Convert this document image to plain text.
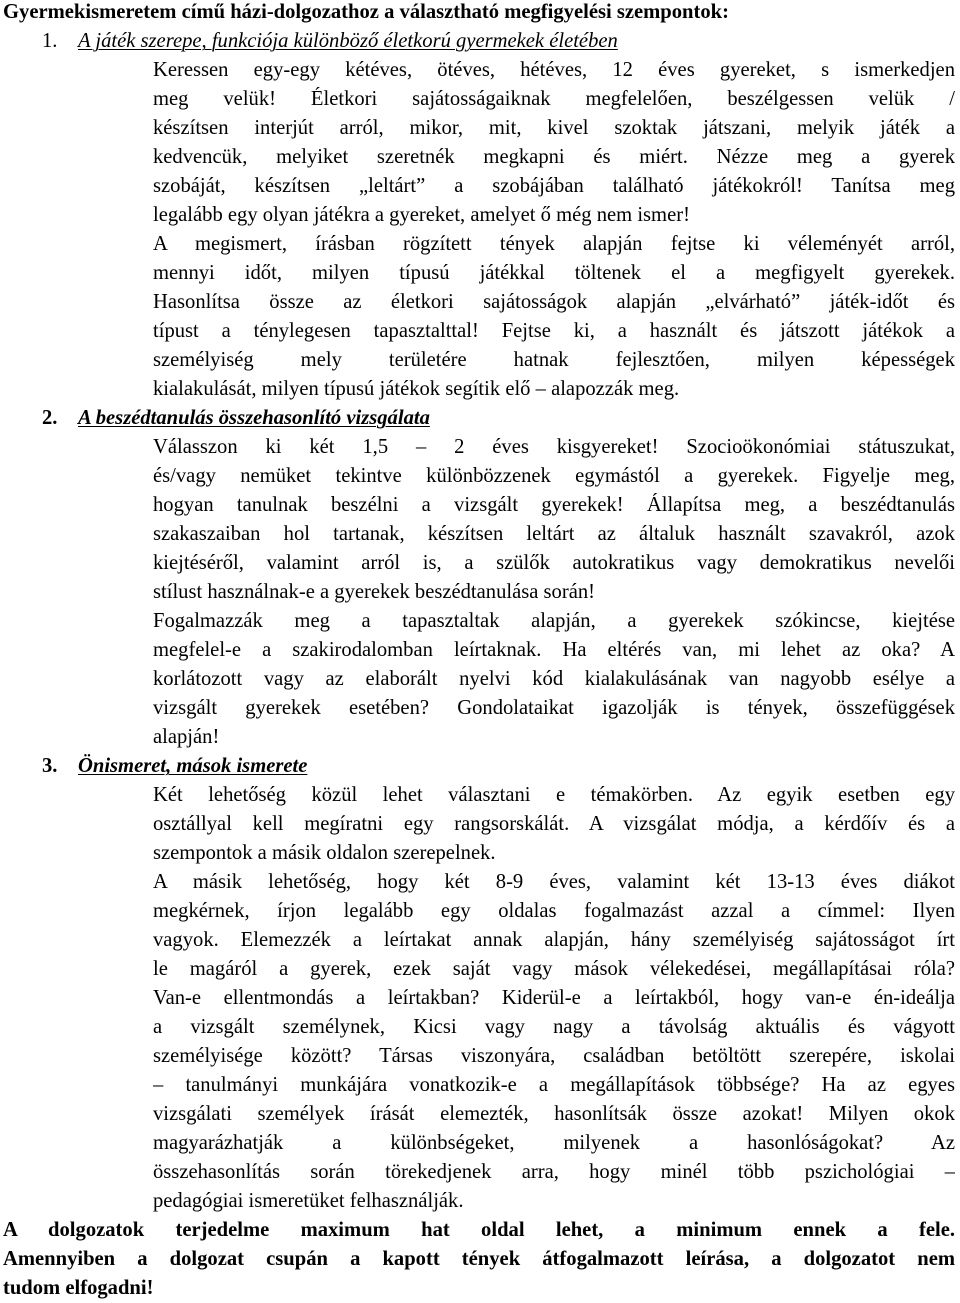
Gyermekismeretem című házi-dolgozathoz a választható megfigyelési szempontok:
1. A játék szerepe, funkciója különböző életkorú gyermekek életében

Keressen egy-egy kétéves, ötéves, hétéves, 12 éves gyereket, s ismerkedjen

meg velük! Életkori sajátosságaiknak megfelelően, beszélgessen velük /

készítsen interjút arról, mikor, mit, kivel szoktak játszani, melyik játék a

kedvencük, melyiket szeretnék megkapni és miért. Nézze meg a gyerek

szobáját, készítsen „leltárt” a szobájában található játékokról! Tanítsa meg

legalább egy olyan játékra a gyereket, amelyet ő még nem ismer!

A megismert, írásban rögzített tények alapján fejtse ki véleményét arról,

mennyi időt, milyen típusú játékkal töltenek el a megfigyelt gyerekek.

Hasonlítsa össze az életkori sajátosságok alapján „elvárható” játék-időt és

típust a ténylegesen tapasztalttal! Fejtse ki, a használt és játszott játékok a

személyiség mely területére hatnak fejlesztően, milyen képességek

kialakulását, milyen típusú játékok segítik elő – alapozzák meg.

2. A beszédtanulás összehasonlító vizsgálata

Válasszon ki két 1,5 – 2 éves kisgyereket! Szocioökonómiai státuszukat,

és/vagy nemüket tekintve különbözzenek egymástól a gyerekek. Figyelje meg,

hogyan tanulnak beszélni a vizsgált gyerekek! Állapítsa meg, a beszédtanulás

szakaszaiban hol tartanak, készítsen leltárt az általuk használt szavakról, azok

kiejtéséről, valamint arról is, a szülők autokratikus vagy demokratikus nevelői

stílust használnak-e a gyerekek beszédtanulása során!

Fogalmazzák meg a tapasztaltak alapján, a gyerekek szókincse, kiejtése

megfelel-e a szakirodalomban leírtaknak. Ha eltérés van, mi lehet az oka? A

korlátozott vagy az elaborált nyelvi kód kialakulásának van nagyobb esélye a

vizsgált gyerekek esetében? Gondolataikat igazolják is tények, összefüggések

alapján!

3. Önismeret, mások ismerete

Két lehetőség közül lehet választani e témakörben. Az egyik esetben egy

osztállyal kell megíratni egy rangsorskálát. A vizsgálat módja, a kérdőív és a

szempontok a másik oldalon szerepelnek.

A másik lehetőség, hogy két 8-9 éves, valamint két 13-13 éves diákot

megkérnek, írjon legalább egy oldalas fogalmazást azzal a címmel: Ilyen

vagyok. Elemezzék a leírtakat annak alapján, hány személyiség sajátosságot írt

le magáról a gyerek, ezek saját vagy mások vélekedései, megállapításai róla?

Van-e ellentmondás a leírtakban? Kiderül-e a leírtakból, hogy van-e én-ideálja

a vizsgált személynek, Kicsi vagy nagy a távolság aktuális és vágyott

személyisége között? Társas viszonyára, családban betöltött szerepére, iskolai

– tanulmányi munkájára vonatkozik-e a megállapítások többsége? Ha az egyes

vizsgálati személyek írását elemezték, hasonlítsák össze azokat! Milyen okok

magyarázhatják a különbségeket, milyenek a hasonlóságokat? Az

összehasonlítás során törekedjenek arra, hogy minél több pszichológiai –

pedagógiai ismeretüket felhasználják.

A dolgozatok terjedelme maximum hat oldal lehet, a minimum ennek a fele.

Amennyiben a dolgozat csupán a kapott tények átfogalmazott leírása, a dolgozatot nem

tudom elfogadni!
